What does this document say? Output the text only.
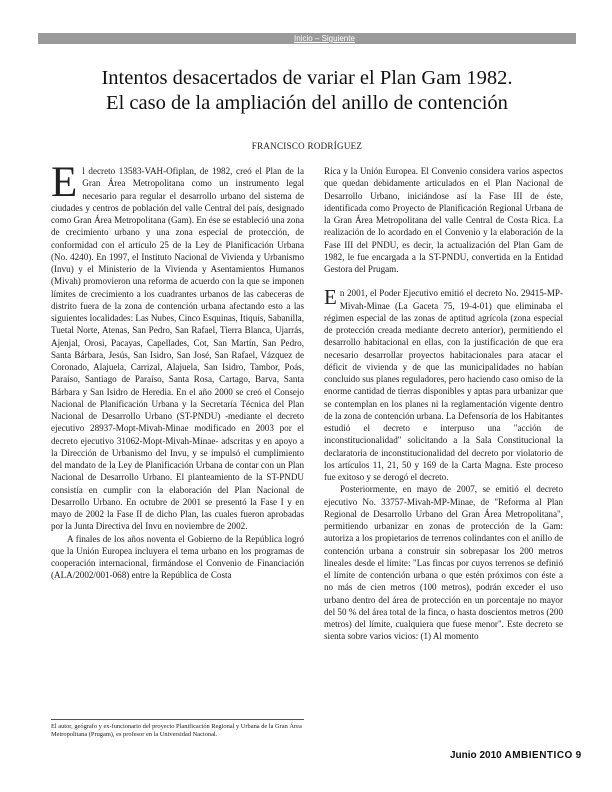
Inicio – Siguiente
Intentos desacertados de variar el Plan Gam 1982.
El caso de la ampliación del anillo de contención
FRANCISCO RODRÍGUEZ
E l decreto 13583-VAH-Ofiplan, de 1982, creó el Plan de la Gran Área Metropolitana como un instrumento legal necesario para regular el desarrollo urbano del sistema de ciudades y centros de población del valle Central del país, designado como Gran Área Metropolitana (Gam). En ése se estableció una zona de crecimiento urbano y una zona especial de protección, de conformidad con el artículo 25 de la Ley de Planificación Urbana (No. 4240). En 1997, el Instituto Nacional de Vivienda y Urbanismo (Invu) y el Ministerio de la Vivienda y Asentamientos Humanos (Mivah) promovieron una reforma de acuerdo con la que se imponen límites de crecimiento a los cuadrantes urbanos de las cabeceras de distrito fuera de la zona de contención urbana afectando esto a las siguientes localidades: Las Nubes, Cinco Esquinas, Itiquís, Sabanilla, Tuetal Norte, Atenas, San Pedro, San Rafael, Tierra Blanca, Ujarrás, Ajenjal, Orosi, Pacayas, Capellades, Cot, San Martín, San Pedro, Santa Bárbara, Jesús, San Isidro, San José, San Rafael, Vázquez de Coronado, Alajuela, Carrizal, Alajuela, San Isidro, Tambor, Poás, Paraíso, Santiago de Paraíso, Santa Rosa, Cartago, Barva, Santa Bárbara y San Isidro de Heredia. En el año 2000 se creó el Consejo Nacional de Planificación Urbana y la Secretaría Técnica del Plan Nacional de Desarrollo Urbano (ST-PNDU) -mediante el decreto ejecutivo 28937-Mopt-Mivah-Minae modificado en 2003 por el decreto ejecutivo 31062-Mopt-Mivah-Minae- adscritas y en apoyo a la Dirección de Urbanismo del Invu, y se impulsó el cumplimiento del mandato de la Ley de Planificación Urbana de contar con un Plan Nacional de Desarrollo Urbano. El planteamiento de la ST-PNDU consistía en cumplir con la elaboración del Plan Nacional de Desarrollo Urbano. En octubre de 2001 se presentó la Fase I y en mayo de 2002 la Fase II de dicho Plan, las cuales fueron aprobadas por la Junta Directiva del Invu en noviembre de 2002.

A finales de los años noventa el Gobierno de la República logró que la Unión Europea incluyera el tema urbano en los programas de cooperación internacional, firmándose el Convenio de Financiación (ALA/2002/001-068) entre la República de Costa

Rica y la Unión Europea. El Convenio considera varios aspectos que quedan debidamente articulados en el Plan Nacional de Desarrollo Urbano, iniciándose así la Fase III de éste, identificada como Proyecto de Planificación Regional Urbana de la Gran Área Metropolitana del valle Central de Costa Rica. La realización de lo acordado en el Convenio y la elaboración de la Fase III del PNDU, es decir, la actualización del Plan Gam de 1982, le fue encargada a la ST-PNDU, convertida en la Entidad Gestora del Prugam.

E n 2001, el Poder Ejecutivo emitió el decreto No. 29415-MP-Mivah-Minae (La Gaceta 75, 19-4-01) que eliminaba el régimen especial de las zonas de aptitud agrícola (zona especial de protección creada mediante decreto anterior), permitiendo el desarrollo habitacional en ellas, con la justificación de que era necesario desarrollar proyectos habitacionales para atacar el déficit de vivienda y de que las municipalidades no habían concluido sus planes reguladores, pero haciendo caso omiso de la enorme cantidad de tierras disponibles y aptas para urbanizar que se contemplan en los planes ni la reglamentación vigente dentro de la zona de contención urbana. La Defensoría de los Habitantes estudió el decreto e interpuso una "acción de inconstitucionalidad" solicitando a la Sala Constitucional la declaratoria de inconstitucionalidad del decreto por violatorio de los artículos 11, 21, 50 y 169 de la Carta Magna. Este proceso fue exitoso y se derogó el decreto.

Posteriormente, en mayo de 2007, se emitió el decreto ejecutivo No. 33757-Mivah-MP-Minae, de "Reforma al Plan Regional de Desarrollo Urbano del Gran Área Metropolitana", permitiendo urbanizar en zonas de protección de la Gam: autoriza a los propietarios de terrenos colindantes con el anillo de contención urbana a construir sin sobrepasar los 200 metros lineales desde el límite: "Las fincas por cuyos terrenos se definió el límite de contención urbana o que estén próximos con éste a no más de cien metros (100 metros), podrán exceder el uso urbano dentro del área de protección en un porcentaje no mayor del 50 % del área total de la finca, o hasta doscientos metros (200 metros) del límite, cualquiera que fuese menor". Este decreto se sienta sobre varios vicios: (1) Al momento

El autor, geógrafo y ex-funcionario del proyecto Planificación Regional y Urbana de la Gran Área Metropolitana (Prugam), es profesor en la Universidad Nacional.
Junio 2010 AMBIENTICO 9
